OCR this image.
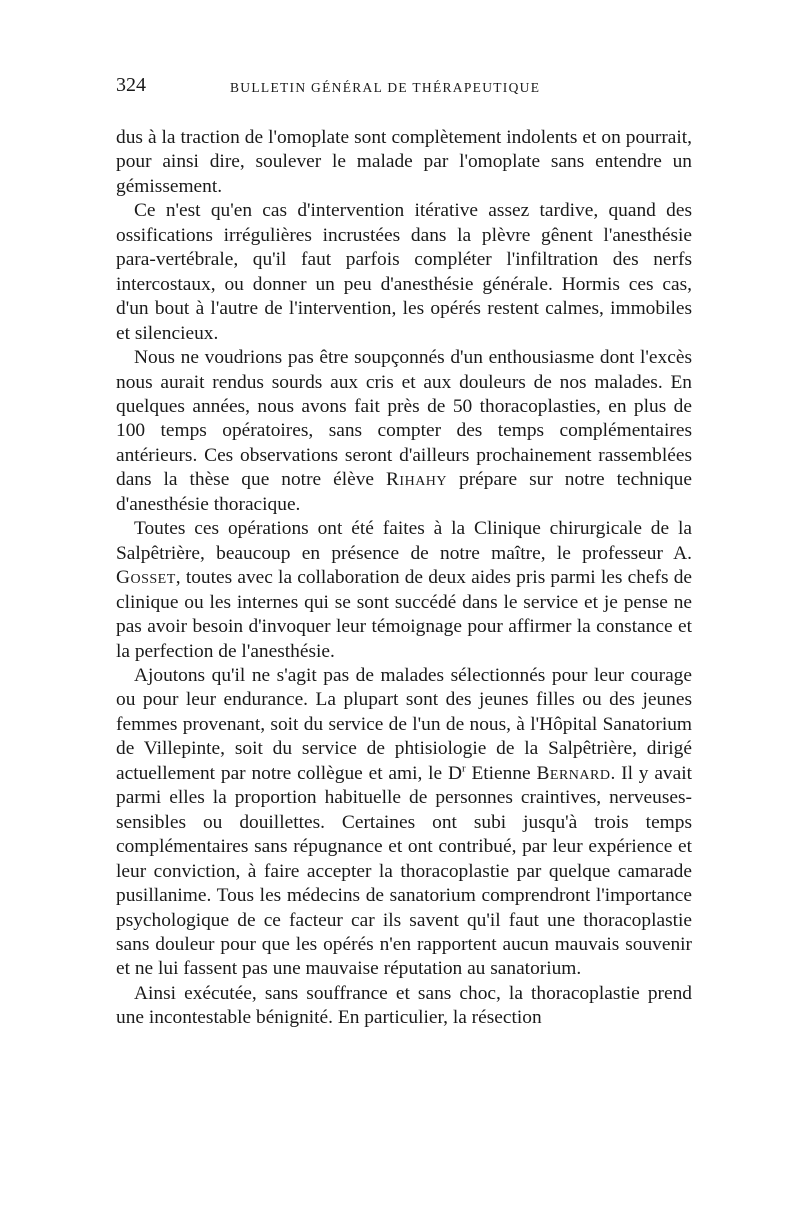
324	BULLETIN GÉNÉRAL DE THÉRAPEUTIQUE

dus à la traction de l'omoplate sont complètement indolents et on pourrait, pour ainsi dire, soulever le malade par l'omoplate sans entendre un gémissement.

Ce n'est qu'en cas d'intervention itérative assez tardive, quand des ossifications irrégulières incrustées dans la plèvre gênent l'anesthésie para-vertébrale, qu'il faut parfois compléter l'infiltration des nerfs intercostaux, ou donner un peu d'anesthésie générale. Hormis ces cas, d'un bout à l'autre de l'intervention, les opérés restent calmes, immobiles et silencieux.

Nous ne voudrions pas être soupçonnés d'un enthousiasme dont l'excès nous aurait rendus sourds aux cris et aux douleurs de nos malades. En quelques années, nous avons fait près de 50 thoracoplasties, en plus de 100 temps opératoires, sans compter des temps complémentaires antérieurs. Ces observations seront d'ailleurs prochainement rassemblées dans la thèse que notre élève Rihahy prépare sur notre technique d'anesthésie thoracique.

Toutes ces opérations ont été faites à la Clinique chirurgicale de la Salpêtrière, beaucoup en présence de notre maître, le professeur A. Gosset, toutes avec la collaboration de deux aides pris parmi les chefs de clinique ou les internes qui se sont succédé dans le service et je pense ne pas avoir besoin d'invoquer leur témoignage pour affirmer la constance et la perfection de l'anesthésie.

Ajoutons qu'il ne s'agit pas de malades sélectionnés pour leur courage ou pour leur endurance. La plupart sont des jeunes filles ou des jeunes femmes provenant, soit du service de l'un de nous, à l'Hôpital Sanatorium de Villepinte, soit du service de phtisiologie de la Salpêtrière, dirigé actuellement par notre collègue et ami, le $D^r$ Etienne Bernard. Il y avait parmi elles la proportion habituelle de personnes craintives, nerveuses-sensibles ou douillettes. Certaines ont subi jusqu'à trois temps complémentaires sans répugnance et ont contribué, par leur expérience et leur conviction, à faire accepter la thoracoplastie par quelque camarade pusillanime. Tous les médecins de sanatorium comprendront l'importance psychologique de ce facteur car ils savent qu'il faut une thoracoplastie sans douleur pour que les opérés n'en rapportent aucun mauvais souvenir et ne lui fassent pas une mauvaise réputation au sanatorium.

Ainsi exécutée, sans souffrance et sans choc, la thoracoplastie prend une incontestable bénignité. En particulier, la résection
